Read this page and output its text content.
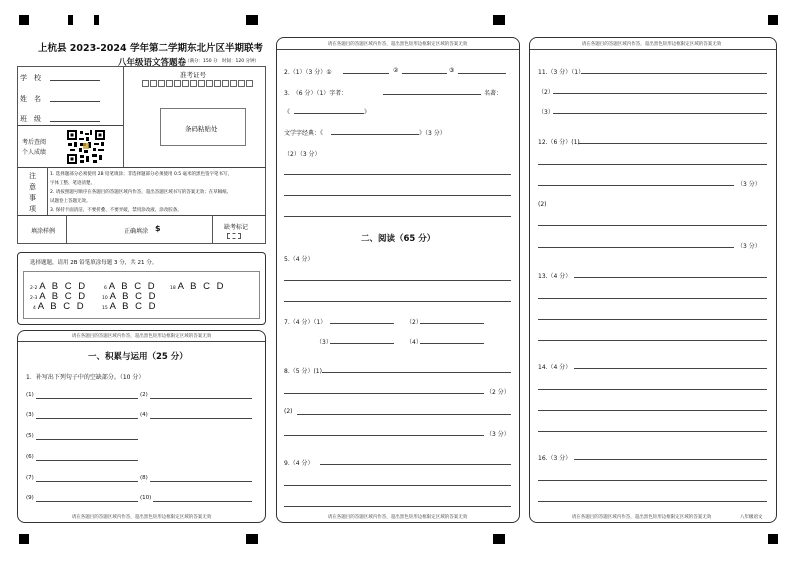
上杭县 2023-2024 学年第二学期东北片区半期联考
八年级语文答题卷
（满分：150 分　时间：120 分钟）
学　校
姓　名
班　级
准考证号
条码粘贴处
考后查阅
个人成绩
注
意
事
项
1. 选择题部分必须使用 2B 铅笔填涂；非选择题部分必须使用 0.5 毫米的黑色签字笔书写，
字体工整、笔迹清楚。
2. 请按照题号顺序在各题目的答题区域内作答，超出答题区域书写的答案无效；在草稿纸、
试题卷上答题无效。
3. 保持卡面清洁，不要折叠、不要弄破，禁用涂改液、涂改胶条。
填涂样例	正确填涂 $	缺考标记
选择题题，请用 2B 铅笔填涂每题 3 分，共 21 分。
2-2 A B C D
2-3 A B C D
4 A B C D
6 A B C D
10 A B C D
15 A B C D
18 A B C D
请在各题目的答题区域内作答，超出黑色矩形边框限定区域的答案无效
一、积累与运用（25 分）
1．补写出下列句子中的空缺部分。（10 分）
(1)	(2)
(3)	(4)
(5)
(6)
(7)	(8)
(9)	(10)
请在各题目的答题区域内作答，超出黑色矩形边框限定区域的答案无效
请在各题目的答题区域内作答，超出黑色矩形边框限定区域的答案无效
2.（1）（3 分）①	②	③
3.　（6 分）（1）字者：	名著：
《	》
文学字经典：《	》（3 分）
（2）（3 分）
二、阅读（65 分）
5.（4 分）
7.（4 分）（1）	（2）
（3）	（4）
8.（5 分）(1)
（2 分）
(2)
（3 分）
9.（4 分）
请在各题目的答题区域内作答，超出黑色矩形边框限定区域的答案无效
请在各题目的答题区域内作答，超出黑色矩形边框限定区域的答案无效
11.（3 分）（1）
（2）
（3）
12.（6 分）(1)
（3 分）
(2)
（3 分）
13.（4 分）
14.（4 分）
16.（3 分）
请在各题目的答题区域内作答，超出黑色矩形边框限定区域的答案无效	八年级语文
